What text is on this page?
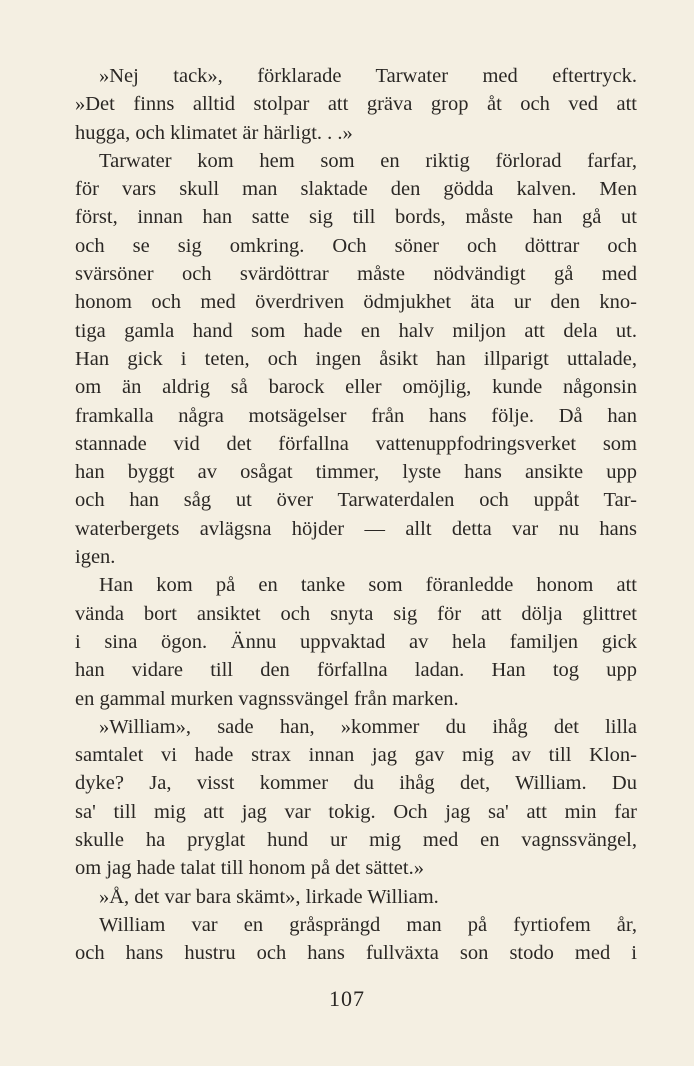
»Nej tack», förklarade Tarwater med eftertryck.
»Det finns alltid stolpar att gräva grop åt och ved att
hugga, och klimatet är härligt. . .»
Tarwater kom hem som en riktig förlorad farfar,
för vars skull man slaktade den gödda kalven. Men
först, innan han satte sig till bords, måste han gå ut
och se sig omkring. Och söner och döttrar och
svärsöner och svärdöttrar måste nödvändigt gå med
honom och med överdriven ödmjukhet äta ur den kno-
tiga gamla hand som hade en halv miljon att dela ut.
Han gick i teten, och ingen åsikt han illparigt uttalade,
om än aldrig så barock eller omöjlig, kunde någonsin
framkalla några motsägelser från hans följe. Då han
stannade vid det förfallna vattenuppfodringsverket som
han byggt av osågat timmer, lyste hans ansikte upp
och han såg ut över Tarwaterdalen och uppåt Tar-
waterbergets avlägsna höjder — allt detta var nu hans
igen.
Han kom på en tanke som föranledde honom att
vända bort ansiktet och snyta sig för att dölja glittret
i sina ögon. Ännu uppvaktad av hela familjen gick
han vidare till den förfallna ladan. Han tog upp
en gammal murken vagnssvängel från marken.
»William», sade han, »kommer du ihåg det lilla
samtalet vi hade strax innan jag gav mig av till Klon-
dyke? Ja, visst kommer du ihåg det, William. Du
sa' till mig att jag var tokig. Och jag sa' att min far
skulle ha pryglat hund ur mig med en vagnssvängel,
om jag hade talat till honom på det sättet.»
»Å, det var bara skämt», lirkade William.
William var en gråsprängd man på fyrtiofem år,
och hans hustru och hans fullväxta son stodo med i
107
